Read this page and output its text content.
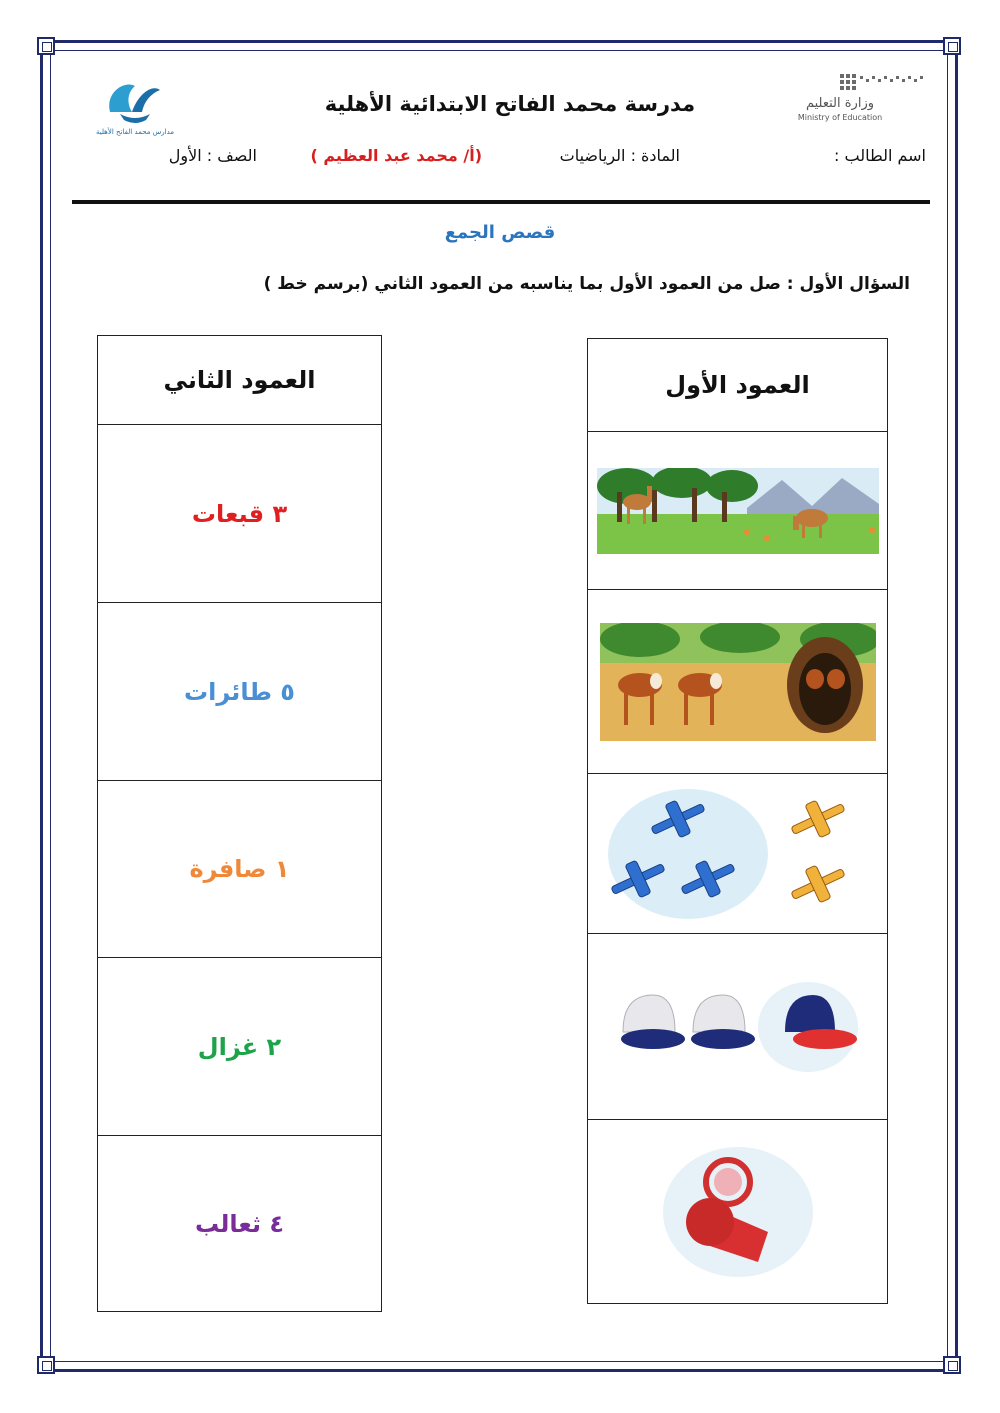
مدارس محمد الفاتح الأهلية
وزارة التعليم
Ministry of Education
مدرسة محمد الفاتح الابتدائية الأهلية
اسم الطالب :
المادة : الرياضيات
(أ/ محمد عبد العظيم )
الصف : الأول
قصص الجمع
السؤال الأول : صل من العمود الأول بما يناسبه من العمود الثاني (برسم خط )
العمود الثاني
٣ قبعات
٥ طائرات
١ صافرة
٢ غزال
٤ ثعالب
العمود الأول
